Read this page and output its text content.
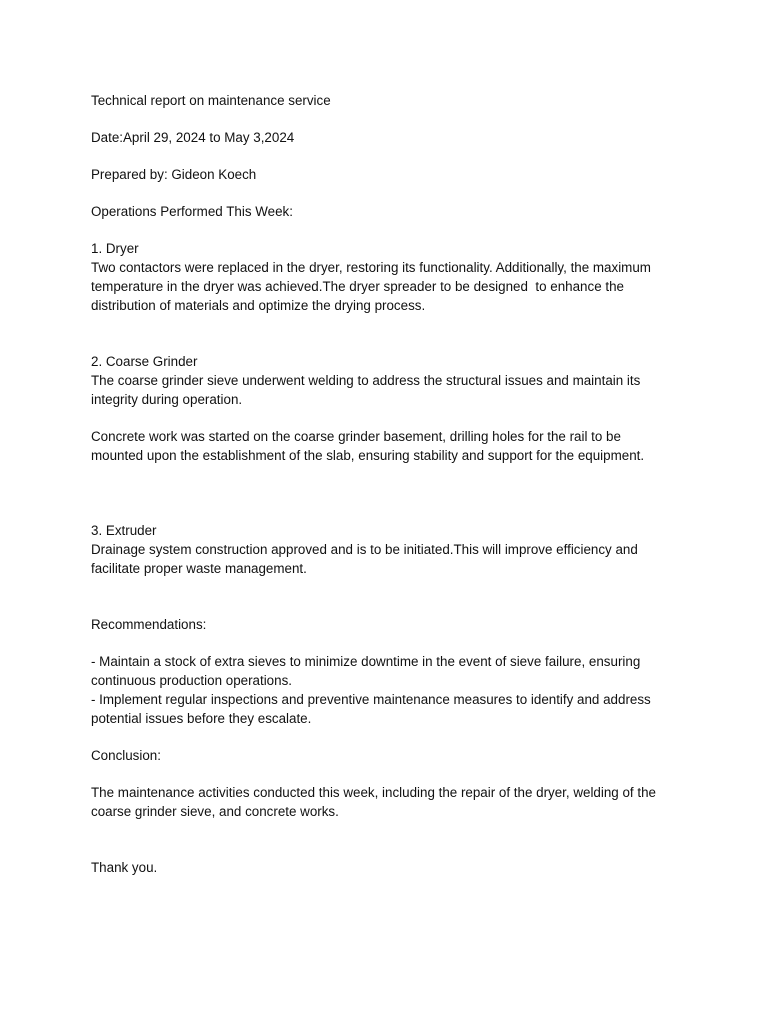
Technical report on maintenance service

Date:April 29, 2024 to May 3,2024

Prepared by: Gideon Koech

Operations Performed This Week:

1. Dryer

Two contactors were replaced in the dryer, restoring its functionality. Additionally, the maximum

temperature in the dryer was achieved.The dryer spreader to be designed  to enhance the

distribution of materials and optimize the drying process.

2. Coarse Grinder

The coarse grinder sieve underwent welding to address the structural issues and maintain its

integrity during operation.

Concrete work was started on the coarse grinder basement, drilling holes for the rail to be

mounted upon the establishment of the slab, ensuring stability and support for the equipment.

3. Extruder

Drainage system construction approved and is to be initiated.This will improve efficiency and

facilitate proper waste management.

Recommendations:

- Maintain a stock of extra sieves to minimize downtime in the event of sieve failure, ensuring

continuous production operations.

- Implement regular inspections and preventive maintenance measures to identify and address

potential issues before they escalate.

Conclusion:

The maintenance activities conducted this week, including the repair of the dryer, welding of the

coarse grinder sieve, and concrete works.

Thank you.
